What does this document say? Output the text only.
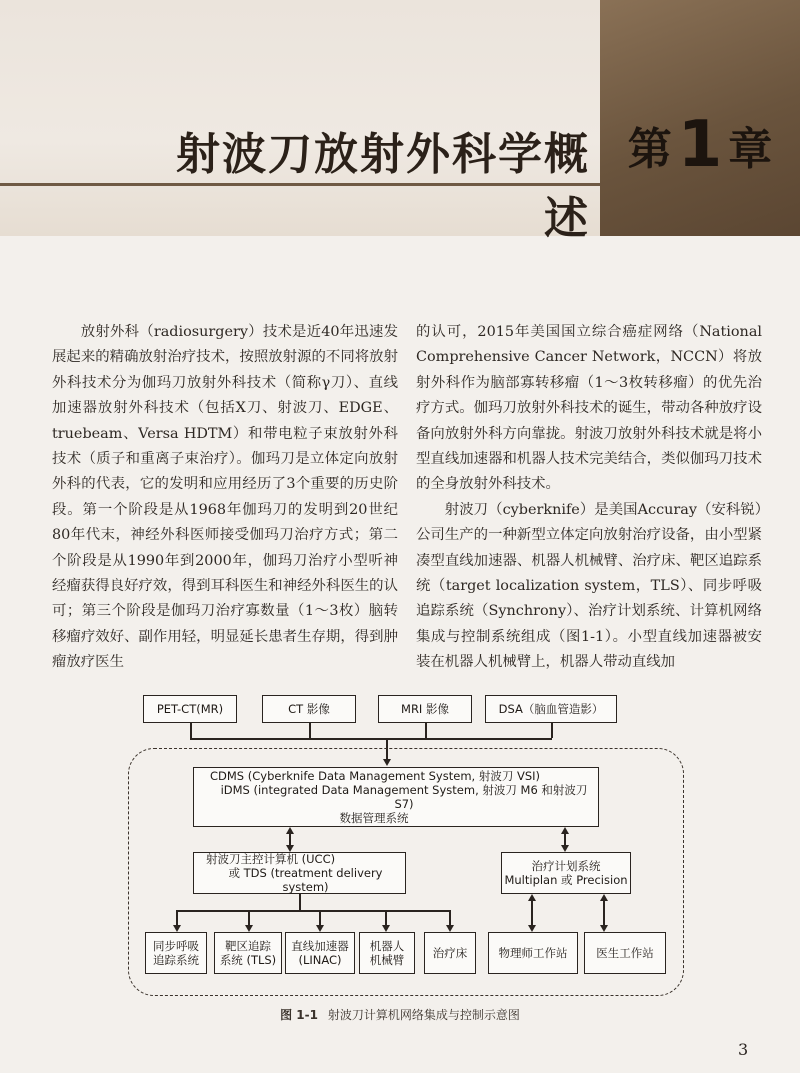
射波刀放射外科学概述
第1 章

放射外科（radiosurgery）技术是近40年迅速发展起来的精确放射治疗技术，按照放射源的不同将放射外科技术分为伽玛刀放射外科技术（简称γ刀）、直线加速器放射外科技术（包括X刀、射波刀、EDGE、truebeam、Versa HDTM）和带电粒子束放射外科技术（质子和重离子束治疗）。伽玛刀是立体定向放射外科的代表，它的发明和应用经历了3个重要的历史阶段。第一个阶段是从1968年伽玛刀的发明到20世纪80年代末，神经外科医师接受伽玛刀治疗方式；第二个阶段是从1990年到2000年，伽玛刀治疗小型听神经瘤获得良好疗效，得到耳科医生和神经外科医生的认可；第三个阶段是伽玛刀治疗寡数量（1～3枚）脑转移瘤疗效好、副作用轻，明显延长患者生存期，得到肿瘤放疗医生

的认可，2015年美国国立综合癌症网络（National Comprehensive Cancer Network，NCCN）将放射外科作为脑部寡转移瘤（1～3枚转移瘤）的优先治疗方式。伽玛刀放射外科技术的诞生，带动各种放疗设备向放射外科方向靠拢。射波刀放射外科技术就是将小型直线加速器和机器人技术完美结合，类似伽玛刀技术的全身放射外科技术。

射波刀（cyberknife）是美国Accuray（安科锐）公司生产的一种新型立体定向放射治疗设备，由小型紧凑型直线加速器、机器人机械臂、治疗床、靶区追踪系统（target localization system，TLS）、同步呼吸追踪系统（Synchrony）、治疗计划系统、计算机网络集成与控制系统组成（图1-1）。小型直线加速器被安装在机器人机械臂上，机器人带动直线加

PET-CT(MR)	CT 影像	MRI 影像	DSA（脑血管造影）
CDMS (Cyberknife Data Management System, 射波刀 VSI)
iDMS (integrated Data Management System, 射波刀 M6 和射波刀 S7)
数据管理系统
射波刀主控计算机 (UCC)
或 TDS (treatment delivery system)
治疗计划系统
Multiplan 或 Precision
同步呼吸
追踪系统
靶区追踪
系统 (TLS)
直线加速器
(LINAC)
机器人
机械臂 治疗床	物理师工作站	医生工作站
图 1-1 射波刀计算机网络集成与控制示意图
3
